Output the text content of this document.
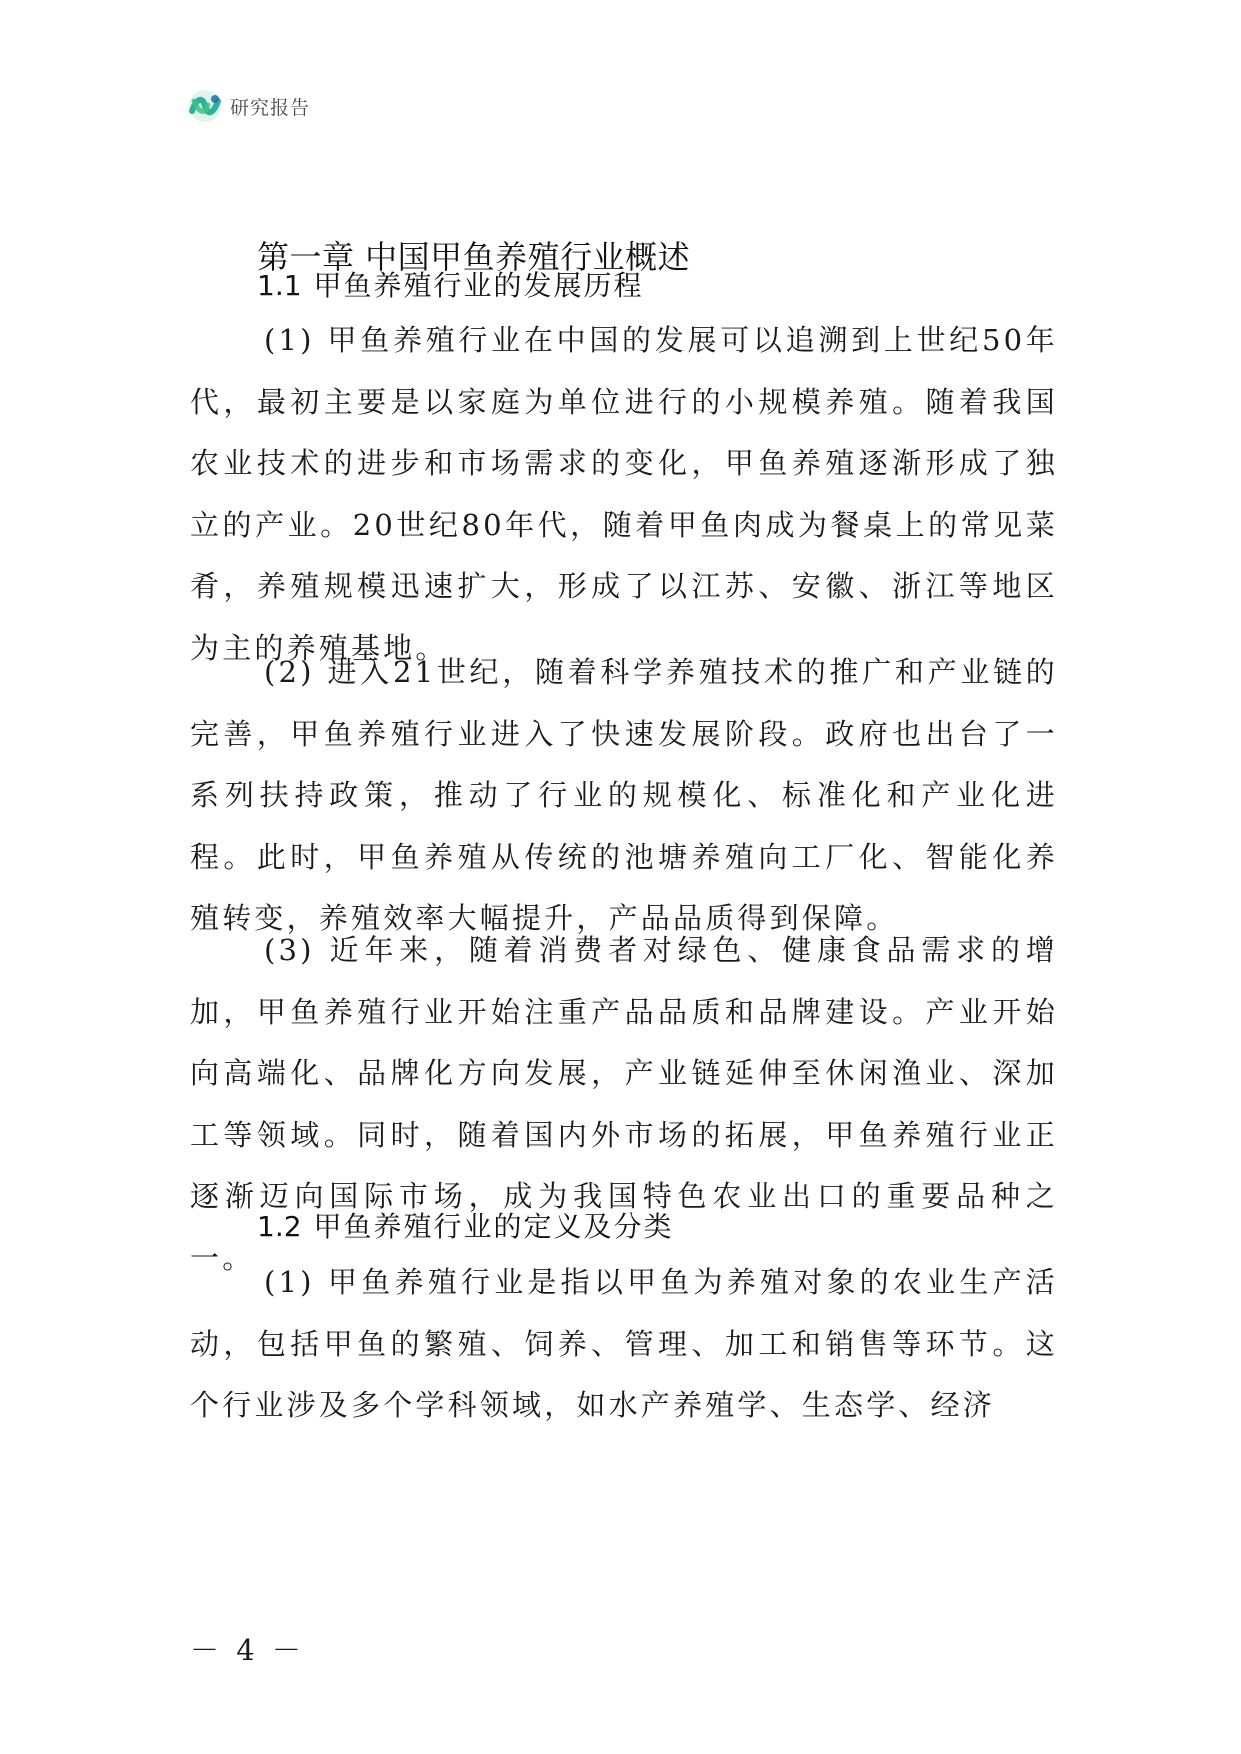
研究报告
第一章 中国甲鱼养殖行业概述
1.1 甲鱼养殖行业的发展历程

(1) 甲鱼养殖行业在中国的发展可以追溯到上世纪50年代，最初主要是以家庭为单位进行的小规模养殖。随着我国农业技术的进步和市场需求的变化，甲鱼养殖逐渐形成了独立的产业。20世纪80年代，随着甲鱼肉成为餐桌上的常见菜肴，养殖规模迅速扩大，形成了以江苏、安徽、浙江等地区为主的养殖基地。

(2) 进入21世纪，随着科学养殖技术的推广和产业链的完善，甲鱼养殖行业进入了快速发展阶段。政府也出台了一系列扶持政策，推动了行业的规模化、标准化和产业化进程。此时，甲鱼养殖从传统的池塘养殖向工厂化、智能化养殖转变，养殖效率大幅提升，产品品质得到保障。

(3) 近年来，随着消费者对绿色、健康食品需求的增加，甲鱼养殖行业开始注重产品品质和品牌建设。产业开始向高端化、品牌化方向发展，产业链延伸至休闲渔业、深加工等领域。同时，随着国内外市场的拓展，甲鱼养殖行业正逐渐迈向国际市场，成为我国特色农业出口的重要品种之一。

1.2 甲鱼养殖行业的定义及分类

(1) 甲鱼养殖行业是指以甲鱼为养殖对象的农业生产活动，包括甲鱼的繁殖、饲养、管理、加工和销售等环节。这个行业涉及多个学科领域，如水产养殖学、生态学、经济

－ 4 －
